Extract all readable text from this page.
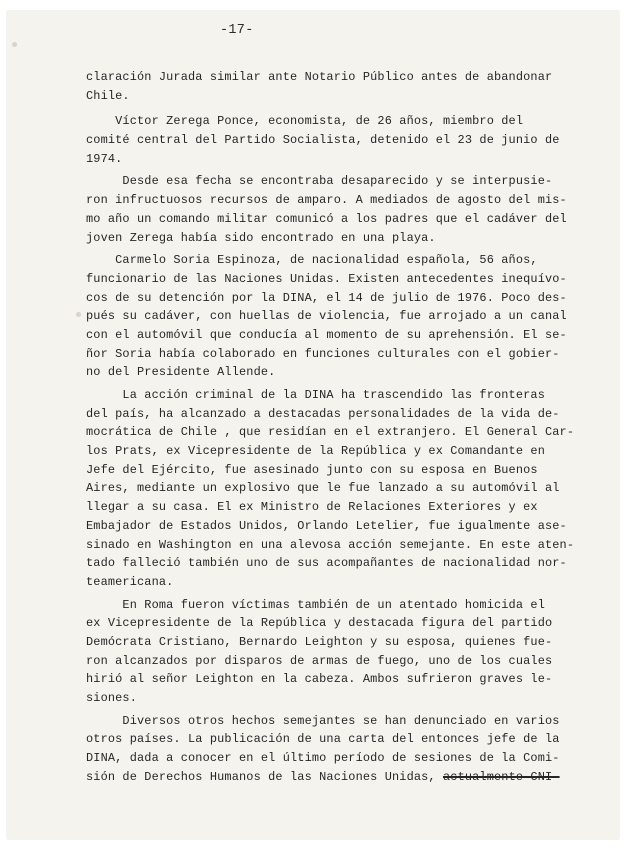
-17-
claración Jurada similar ante Notario Público antes de abandonar
Chile.
Víctor Zerega Ponce, economista, de 26 años, miembro del
comité central del Partido Socialista, detenido el 23 de junio de
1974.
Desde esa fecha se encontraba desaparecido y se interpusie-
ron infructuosos recursos de amparo. A mediados de agosto del mis-
mo año un comando militar comunicó a los padres que el cadáver del
joven Zerega había sido encontrado en una playa.
Carmelo Soria Espinoza, de nacionalidad española, 56 años,
funcionario de las Naciones Unidas. Existen antecedentes inequívo-
cos de su detención por la DINA, el 14 de julio de 1976. Poco des-
pués su cadáver, con huellas de violencia, fue arrojado a un canal
con el automóvil que conducía al momento de su aprehensión. El se-
ñor Soria había colaborado en funciones culturales con el gobier-
no del Presidente Allende.
La acción criminal de la DINA ha trascendido las fronteras
del país, ha alcanzado a destacadas personalidades de la vida de-
mocrática de Chile , que residían en el extranjero. El General Car-
los Prats, ex Vicepresidente de la República y ex Comandante en
Jefe del Ejército, fue asesinado junto con su esposa en Buenos
Aires, mediante un explosivo que le fue lanzado a su automóvil al
llegar a su casa. El ex Ministro de Relaciones Exteriores y ex
Embajador de Estados Unidos, Orlando Letelier, fue igualmente ase-
sinado en Washington en una alevosa acción semejante. En este aten-
tado falleció también uno de sus acompañantes de nacionalidad nor-
teamericana.
En Roma fueron víctimas también de un atentado homicida el
ex Vicepresidente de la República y destacada figura del partido
Demócrata Cristiano, Bernardo Leighton y su esposa, quienes fue-
ron alcanzados por disparos de armas de fuego, uno de los cuales
hirió al señor Leighton en la cabeza. Ambos sufrieron graves le-
siones.
Diversos otros hechos semejantes se han denunciado en varios
otros países. La publicación de una carta del entonces jefe de la
DINA, dada a conocer en el último período de sesiones de la Comi-
sión de Derechos Humanos de las Naciones Unidas, actualmente CNI-
